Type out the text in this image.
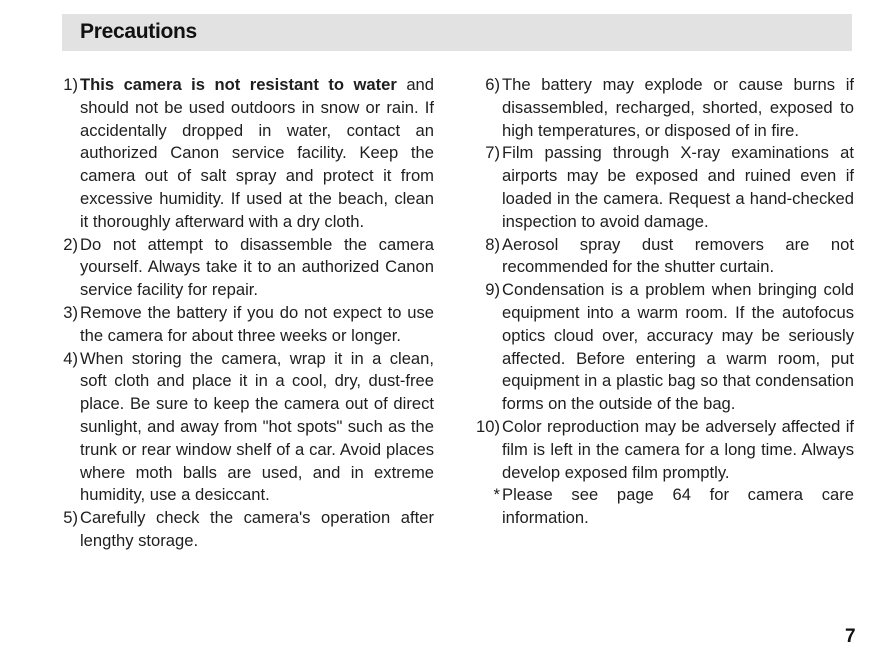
Precautions
1) This camera is not resistant to water and should not be used outdoors in snow or rain. If accidentally dropped in water, contact an authorized Canon service facility. Keep the camera out of salt spray and protect it from excessive humidity. If used at the beach, clean it thoroughly afterward with a dry cloth.
2) Do not attempt to disassemble the camera yourself. Always take it to an authorized Canon service facility for repair.
3) Remove the battery if you do not expect to use the camera for about three weeks or longer.
4) When storing the camera, wrap it in a clean, soft cloth and place it in a cool, dry, dust-free place. Be sure to keep the camera out of direct sunlight, and away from "hot spots" such as the trunk or rear window shelf of a car. Avoid places where moth balls are used, and in extreme humidity, use a desiccant.
5) Carefully check the camera's operation after lengthy storage.
6) The battery may explode or cause burns if disassembled, recharged, shorted, exposed to high temperatures, or disposed of in fire.
7) Film passing through X-ray examinations at airports may be exposed and ruined even if loaded in the camera. Request a hand-checked inspection to avoid damage.
8) Aerosol spray dust removers are not recommended for the shutter curtain.
9) Condensation is a problem when bringing cold equipment into a warm room. If the autofocus optics cloud over, accuracy may be seriously affected. Before entering a warm room, put equipment in a plastic bag so that condensation forms on the outside of the bag.
10) Color reproduction may be adversely affected if film is left in the camera for a long time. Always develop exposed film promptly.
* Please see page 64 for camera care information.
7
